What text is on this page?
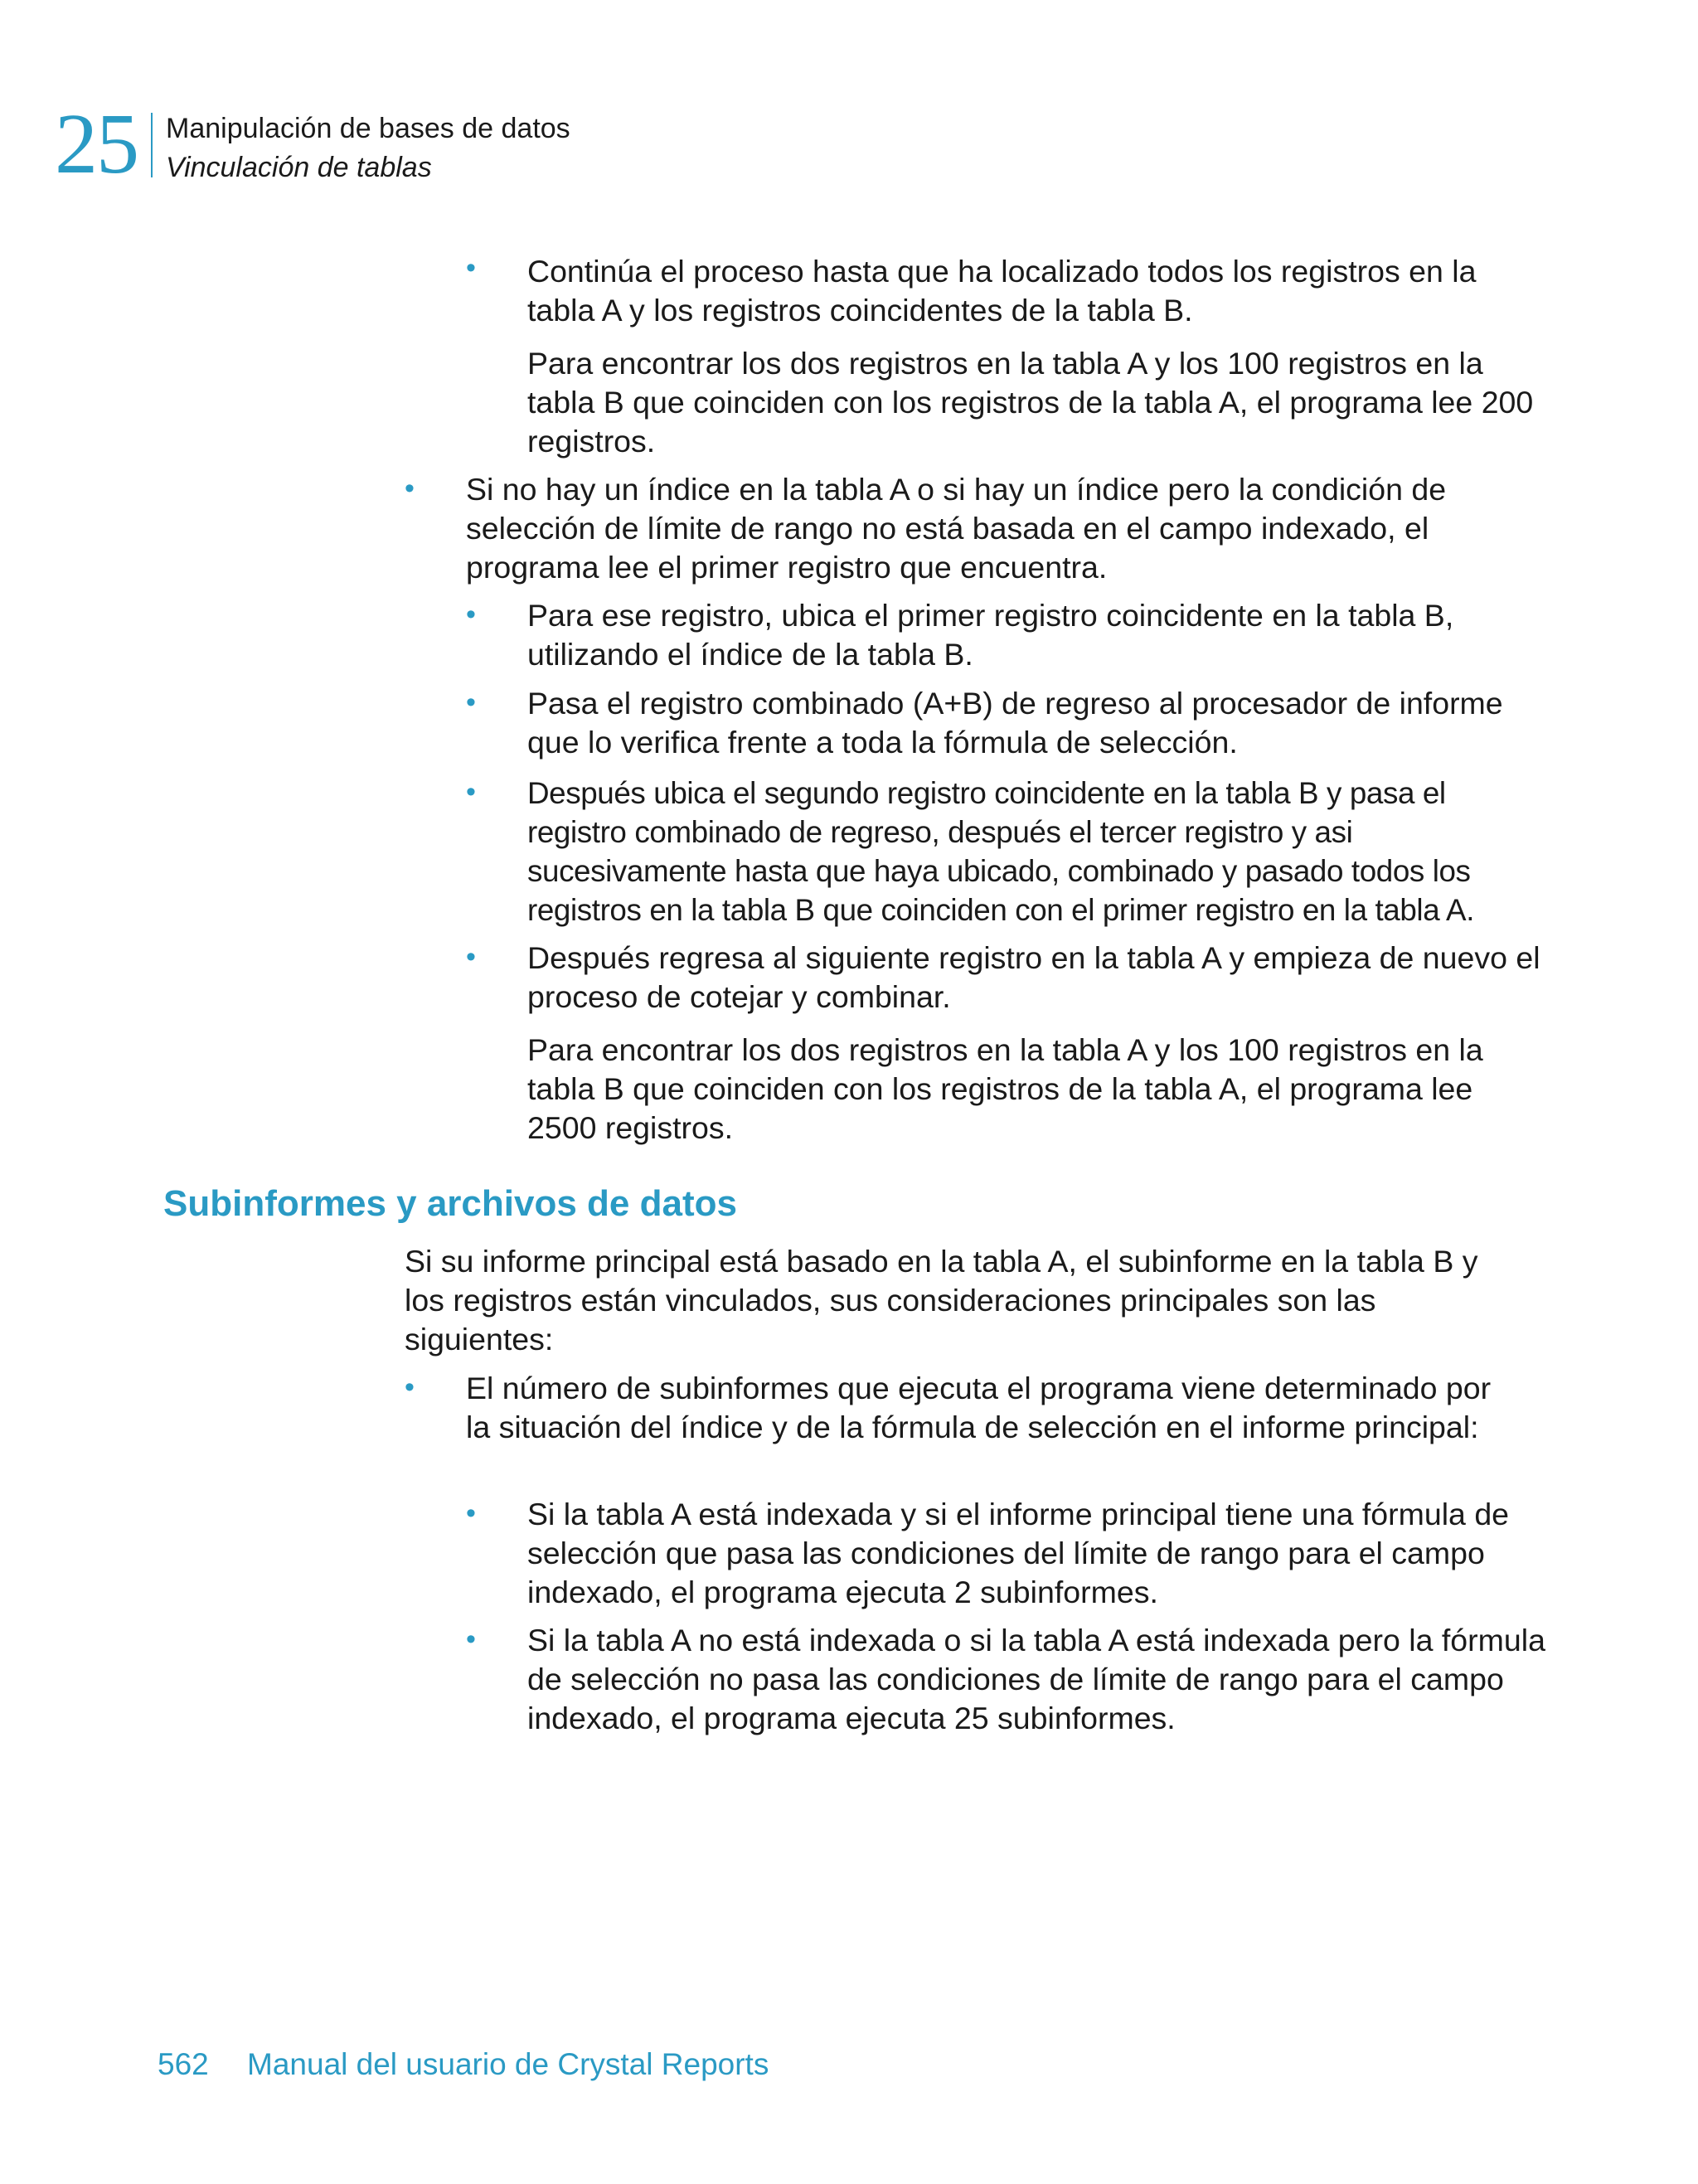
25 Manipulación de bases de datos
Vinculación de tablas
• Continúa el proceso hasta que ha localizado todos los registros en la tabla A y los registros coincidentes de la tabla B.
Para encontrar los dos registros en la tabla A y los 100 registros en la tabla B que coinciden con los registros de la tabla A, el programa lee 200 registros.
• Si no hay un índice en la tabla A o si hay un índice pero la condición de selección de límite de rango no está basada en el campo indexado, el programa lee el primer registro que encuentra.
• Para ese registro, ubica el primer registro coincidente en la tabla B, utilizando el índice de la tabla B.
• Pasa el registro combinado (A+B) de regreso al procesador de informe que lo verifica frente a toda la fórmula de selección.
• Después ubica el segundo registro coincidente en la tabla B y pasa el registro combinado de regreso, después el tercer registro y asi sucesivamente hasta que haya ubicado, combinado y pasado todos los registros en la tabla B que coinciden con el primer registro en la tabla A.
• Después regresa al siguiente registro en la tabla A y empieza de nuevo el proceso de cotejar y combinar.
Para encontrar los dos registros en la tabla A y los 100 registros en la tabla B que coinciden con los registros de la tabla A, el programa lee 2500 registros.
Subinformes y archivos de datos
Si su informe principal está basado en la tabla A, el subinforme en la tabla B y los registros están vinculados, sus consideraciones principales son las siguientes:
• El número de subinformes que ejecuta el programa viene determinado por la situación del índice y de la fórmula de selección en el informe principal:
• Si la tabla A está indexada y si el informe principal tiene una fórmula de selección que pasa las condiciones del límite de rango para el campo indexado, el programa ejecuta 2 subinformes.
• Si la tabla A no está indexada o si la tabla A está indexada pero la fórmula de selección no pasa las condiciones de límite de rango para el campo indexado, el programa ejecuta 25 subinformes.
562 Manual del usuario de Crystal Reports
